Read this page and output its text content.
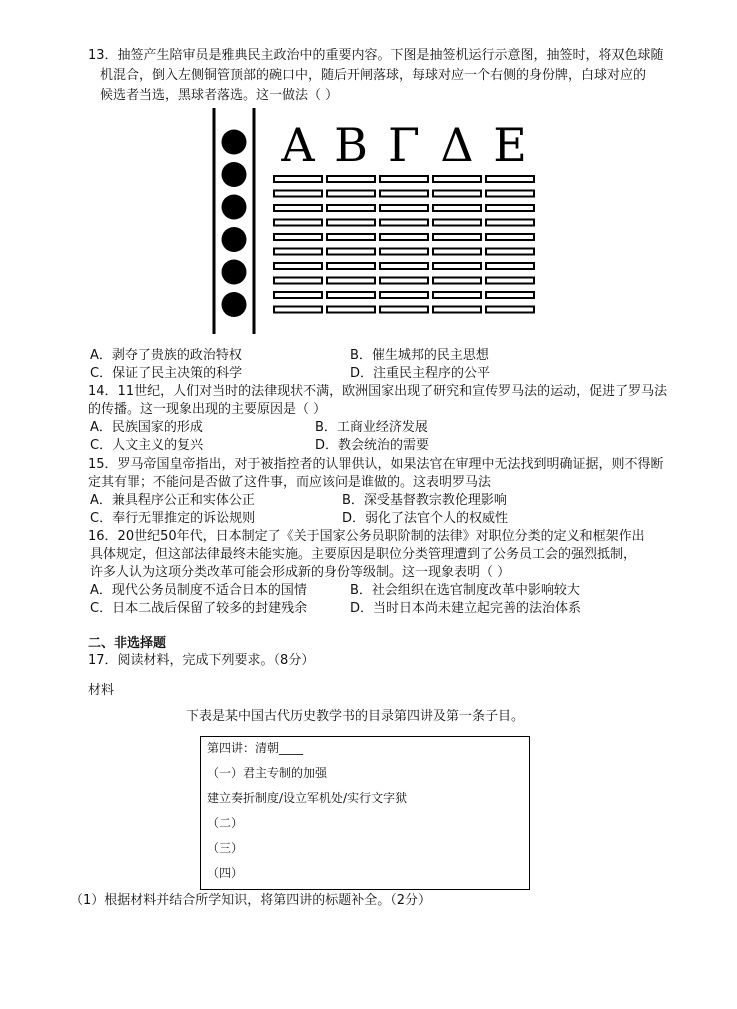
13．抽签产生陪审员是雅典民主政治中的重要内容。下图是抽签机运行示意图，抽签时，将双色球随
机混合，倒入左侧铜管顶部的碗口中，随后开闸落球，每球对应一个右侧的身份牌，白球对应的
候选者当选，黑球者落选。这一做法（ ）
Α Β Γ Δ Ε
A．剥夺了贵族的政治特权	B．催生城邦的民主思想
C．保证了民主决策的科学	D．注重民主程序的公平
14．11世纪，人们对当时的法律现状不满，欧洲国家出现了研究和宣传罗马法的运动，促进了罗马法
的传播。这一现象出现的主要原因是（ ）
A．民族国家的形成	B．工商业经济发展
C．人文主义的复兴	D．教会统治的需要
15．罗马帝国皇帝指出，对于被指控者的认罪供认，如果法官在审理中无法找到明确证据，则不得断
定其有罪；不能问是否做了这件事，而应该问是谁做的。这表明罗马法
A．兼具程序公正和实体公正	B．深受基督教宗教伦理影响
C．奉行无罪推定的诉讼规则	D．弱化了法官个人的权威性
16．20世纪50年代，日本制定了《关于国家公务员职阶制的法律》对职位分类的定义和框架作出
具体规定，但这部法律最终未能实施。主要原因是职位分类管理遭到了公务员工会的强烈抵制，
许多人认为这项分类改革可能会形成新的身份等级制。这一现象表明（ ）
A．现代公务员制度不适合日本的国情	B．社会组织在选官制度改革中影响较大
C．日本二战后保留了较多的封建残余	D．当时日本尚未建立起完善的法治体系
二、非选择题
17．阅读材料，完成下列要求。（8分）
材料
下表是某中国古代历史教学书的目录第四讲及第一条子目。
第四讲：清朝____
（一）君主专制的加强
建立奏折制度/设立军机处/实行文字狱
（二）
（三）
（四）
（1）根据材料并结合所学知识，将第四讲的标题补全。（2分）
